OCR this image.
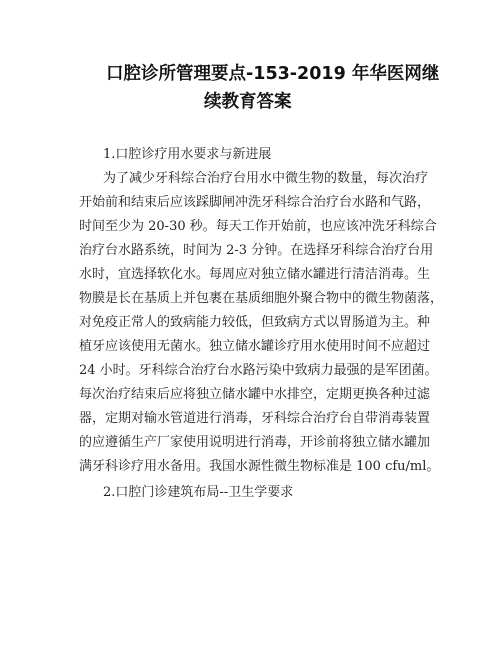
口腔诊所管理要点-153-2019 年华医网继
续教育答案
1.口腔诊疗用水要求与新进展
为了减少牙科综合治疗台用水中微生物的数量，每次治疗
开始前和结束后应该踩脚闸冲洗牙科综合治疗台水路和气路，
时间至少为 20-30 秒。每天工作开始前，也应该冲洗牙科综合
治疗台水路系统，时间为 2-3 分钟。在选择牙科综合治疗台用
水时，宜选择软化水。每周应对独立储水罐进行清洁消毒。生
物膜是长在基质上并包裹在基质细胞外聚合物中的微生物菌落，
对免疫正常人的致病能力较低，但致病方式以胃肠道为主。种
植牙应该使用无菌水。独立储水罐诊疗用水使用时间不应超过
24 小时。牙科综合治疗台水路污染中致病力最强的是军团菌。
每次治疗结束后应将独立储水罐中水排空，定期更换各种过滤
器，定期对输水管道进行消毒，牙科综合治疗台自带消毒装置
的应遵循生产厂家使用说明进行消毒，开诊前将独立储水罐加
满牙科诊疗用水备用。我国水源性微生物标准是 100 cfu/ml。
2.口腔门诊建筑布局--卫生学要求
